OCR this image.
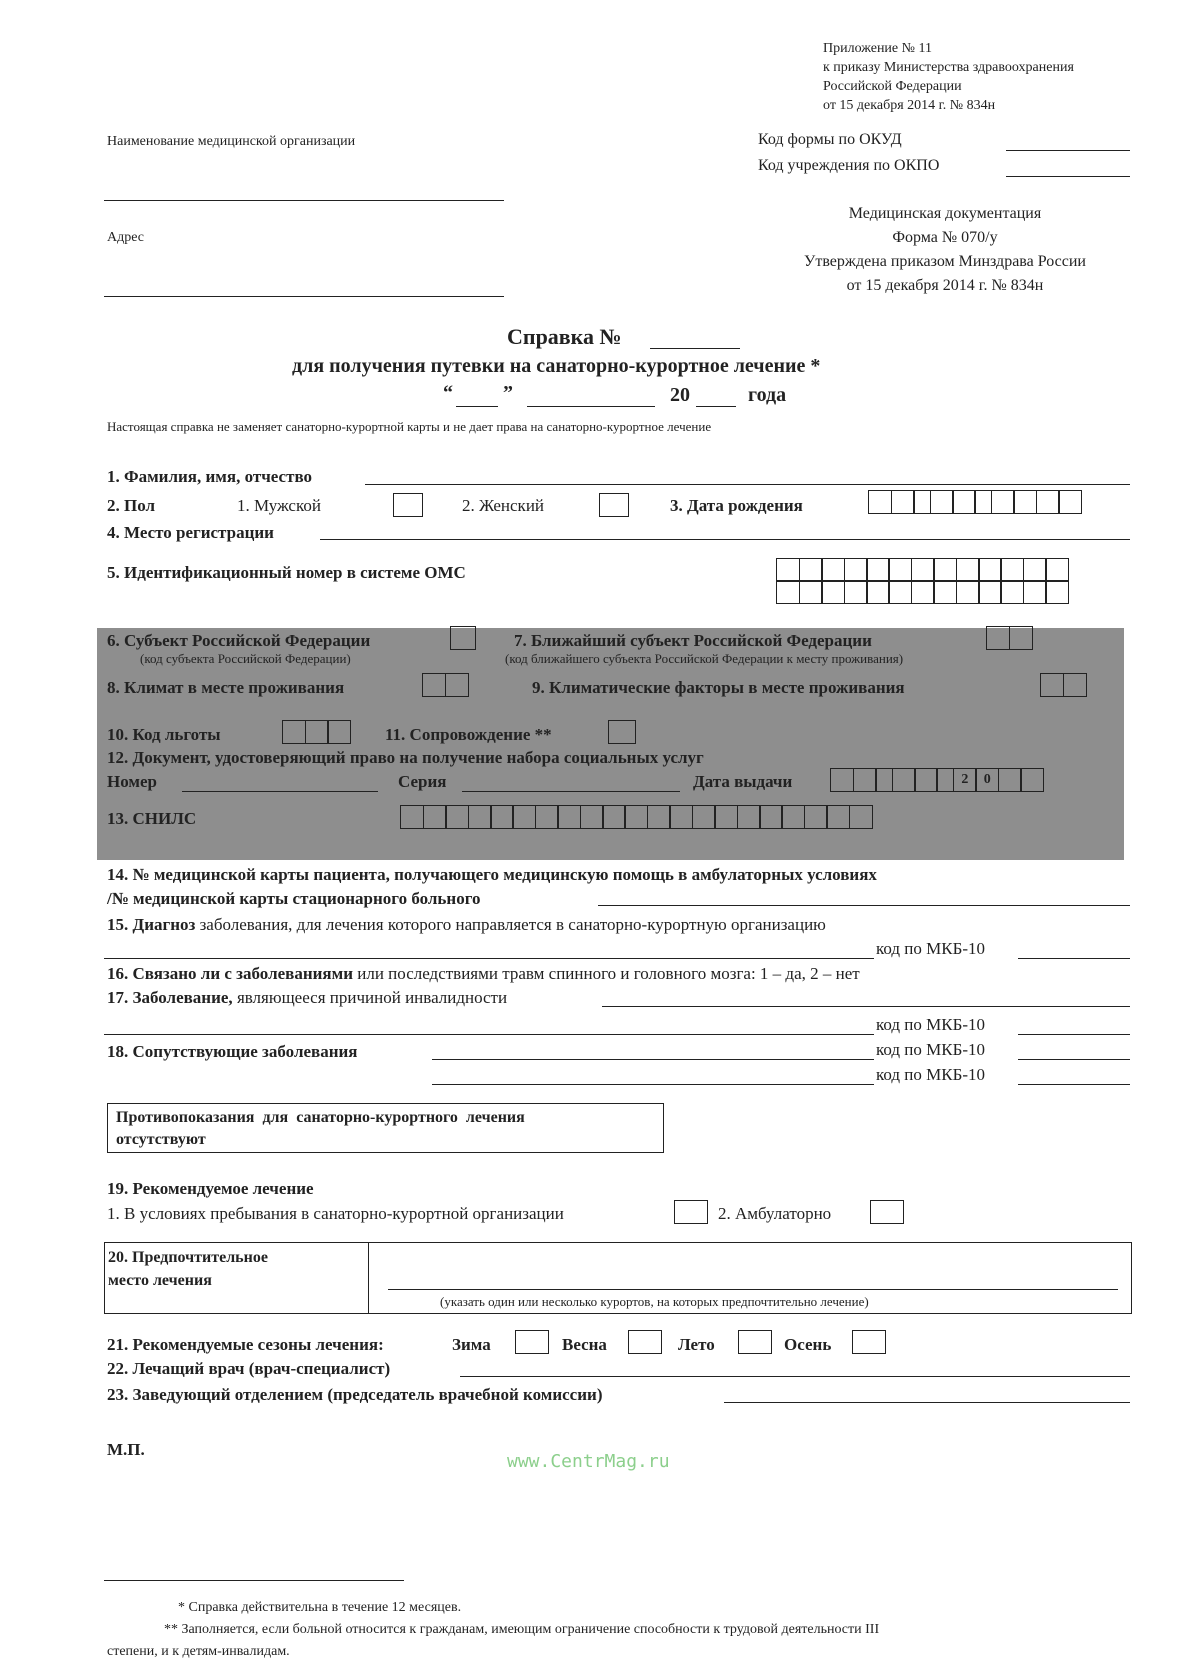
Приложение № 11
к приказу Министерства здравоохранения
Российской Федерации
от 15 декабря 2014 г. № 834н
Наименование медицинской организации
Адрес
Код формы по ОКУД
Код учреждения по ОКПО
Медицинская документация
Форма № 070/у
Утверждена приказом Минздрава России
от 15 декабря 2014 г. № 834н
Справка №
для получения путевки на санаторно-курортное лечение *
“	”	20	года
Настоящая справка не заменяет санаторно-курортной карты и не дает права на санаторно-курортное лечение
1. Фамилия, имя, отчество
2. Пол	1. Мужской	2. Женский	3. Дата рождения
4. Место регистрации
5. Идентификационный номер в системе ОМС
6. Субъект Российской Федерации
(код субъекта Российской Федерации)
7. Ближайший субъект Российской Федерации
(код ближайшего субъекта Российской Федерации к месту проживания)
8. Климат в месте проживания	9. Климатические факторы в месте проживания
10. Код льготы	11. Сопровождение **
12. Документ, удостоверяющий право на получение набора социальных услуг
Номер	Серия	Дата выдачи	2	0
13. СНИЛС
14. № медицинской карты пациента, получающего медицинскую помощь в амбулаторных условиях
/№ медицинской карты стационарного больного
15. Диагноз заболевания, для лечения которого направляется в санаторно-курортную организацию
код по МКБ-10
16. Связано ли с заболеваниями или последствиями травм спинного и головного мозга: 1 – да, 2 – нет
17. Заболевание, являющееся причиной инвалидности
код по МКБ-10
18. Сопутствующие заболевания	код по МКБ-10
код по МКБ-10
Противопоказания для санаторно-курортного лечения
отсутствуют
19. Рекомендуемое лечение
1. В условиях пребывания в санаторно-курортной организации	2. Амбулаторно
20. Предпочтительное
место лечения
(указать один или несколько курортов, на которых предпочтительно лечение)
21. Рекомендуемые сезоны лечения:	Зима	Весна	Лето	Осень
22. Лечащий врач (врач-специалист)
23. Заведующий отделением (председатель врачебной комиссии)
М.П.
www.CentrMag.ru
* Справка действительна в течение 12 месяцев.
** Заполняется, если больной относится к гражданам, имеющим ограничение способности к трудовой деятельности III
степени, и к детям-инвалидам.
